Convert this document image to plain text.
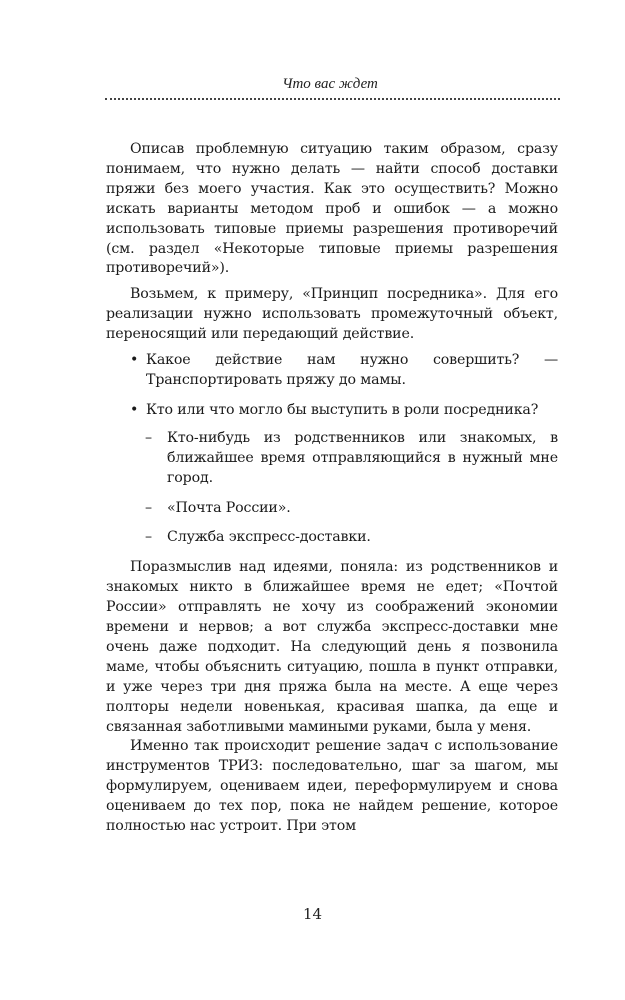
Что вас ждет

Описав проблемную ситуацию таким образом, сразу понимаем, что нужно делать — найти способ доставки пряжи без моего участия. Как это осуществить? Можно искать варианты методом проб и ошибок — а можно использовать типовые приемы разрешения противоречий (см. раздел «Некоторые типовые приемы разрешения противоречий»).

Возьмем, к примеру, «Принцип посредника». Для его реализации нужно использовать промежуточный объект, переносящий или передающий действие.

• Какое действие нам нужно совершить? —Транспортировать пряжу до мамы.
• Кто или что могло бы выступить в роли посредника?
– Кто-нибудь из родственников или знакомых, в ближайшее время отправляющийся в нужный мне город.
– «Почта России».
– Служба экспресс-доставки.

Поразмыслив над идеями, поняла: из родственников и знакомых никто в ближайшее время не едет; «Почтой России» отправлять не хочу из соображений экономии времени и нервов; а вот служба экспресс-доставки мне очень даже подходит. На следующий день я позвонила маме, чтобы объяснить ситуацию, пошла в пункт отправки, и уже через три дня пряжа была на месте. А еще через полторы недели новенькая, красивая шапка, да еще и связанная заботливыми мамиными руками, была у меня.

Именно так происходит решение задач с использование инструментов ТРИЗ: последовательно, шаг за шагом, мы формулируем, оцениваем идеи, переформулируем и снова оцениваем до тех пор, пока не найдем решение, которое полностью нас устроит. При этом

14
